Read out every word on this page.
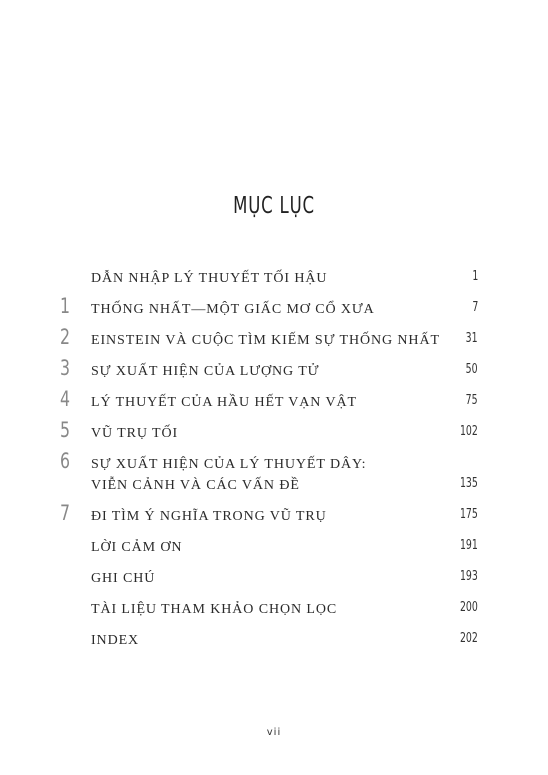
MỤC LỤC
DẪN NHẬP LÝ THUYẾT TỐI HẬU	1
1	THỐNG NHẤT—MỘT GIẤC MƠ CỔ XƯA	7
2	EINSTEIN VÀ CUỘC TÌM KIẾM SỰ THỐNG NHẤT	31
3	SỰ XUẤT HIỆN CỦA LƯỢNG TỬ	50
4	LÝ THUYẾT CỦA HẦU HẾT VẠN VẬT	75
5	VŨ TRỤ TỐI	102
6	SỰ XUẤT HIỆN CỦA LÝ THUYẾT DÂY:
VIỄN CẢNH VÀ CÁC VẤN ĐỀ	135
7	ĐI TÌM Ý NGHĨA TRONG VŨ TRỤ	175
LỜI CẢM ƠN	191
GHI CHÚ	193
TÀI LIỆU THAM KHẢO CHỌN LỌC	200
INDEX	202
vii
